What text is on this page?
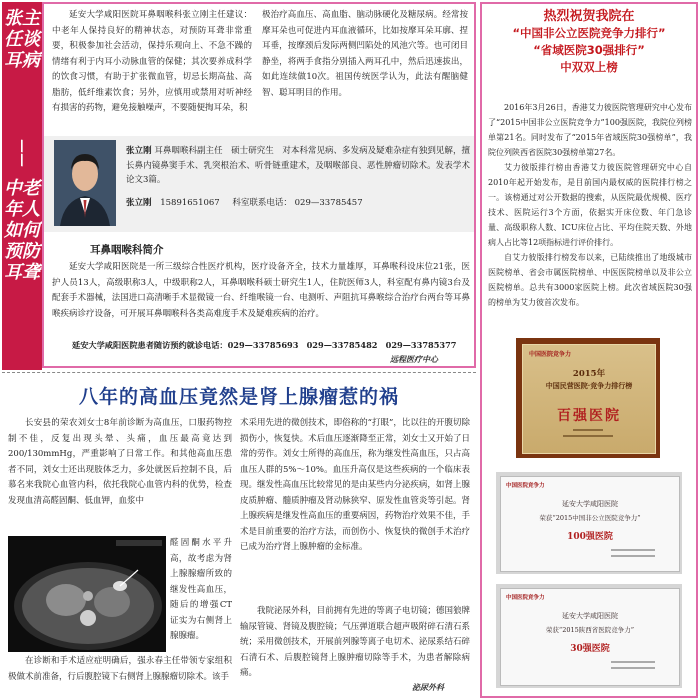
张主任谈耳病
——
中老年人如何预防耳聋

延安大学咸阳医院耳鼻咽喉科张立刚主任建议：中老年人保持良好的精神状态，对预防耳聋非常重要，积极参加社会活动，保持乐观向上、不急不躁的情绪有利于内耳小动脉血管的保健；其次要养成科学的饮食习惯，有助于扩张微血管，切忌长期高盐、高脂肪，低纤维素饮食；另外，应慎用或禁用对听神经有损害的药物，避免接触噪声，不要随便掏耳朵，积

极治疗高血压、高血脂、脑动脉硬化及糖尿病。经常按摩耳朵也可促进内耳血液循环，比如按摩耳朵耳廓、捏耳垂，按摩颈后发际两侧凹陷处的风池穴等。也可闭目静坐，将两手食指分别插入两耳孔中，然后迅速拔出，如此连续做10次。祖国传统医学认为，此法有醒脑健智、聪耳明目的作用。

张立刚 耳鼻咽喉科副主任　硕士研究生　对本科常见病、多发病及疑难杂症有独到见解，擅长鼻内镜鼻窦手术、乳突根治术、听骨链重建术，及咽喉部良、恶性肿瘤切除术。发表学术论文3篇。
张立刚 15891651067 科室联系电话： 029—33785457
耳鼻咽喉科简介

延安大学咸阳医院是一所三级综合性医疗机构，医疗设备齐全，技术力量雄厚，耳鼻喉科设床位21张，医护人员13人，高级职称3人，中级职称2人，耳鼻咽喉科硕士研究生1人，住院医师3人，科室配有鼻内镜3台及配套手术器械，法国进口高清晰手术显微镜一台、纤维喉镜一台、电测听、声阻抗耳鼻喉综合治疗台两台等耳鼻喉疾病诊疗设备，可开展耳鼻咽喉科各类高难度手术及疑难疾病的治疗。

延安大学咸阳医院患者随访预约就诊电话：029—33785693　029—33785482　029—33785377
远程医疗中心
热烈祝贺我院在
“中国非公立医院竞争力排行”
“省域医院30强排行”
中双双上榜

2016年3月26日，香港艾力彼医院管理研究中心发布了“2015中国非公立医院竞争力”100强医院，我院位列榜单第21名。同时发布了“2015年省域医院30强榜单”，我院位列陕西省医院30强榜单第27名。

艾力彼版排行榜由香港艾力彼医院管理研究中心自2010年起开始发布，是目前国内最权威的医院排行榜之一。该榜通过对公开数据的搜索，从医院最优规模、医疗技术、医院运行3个方面，依据实开床位数、年门急诊量、高级职称人数、ICU床位占比、平均住院天数、外地病人占比等12项指标进行评价排行。

自艾力彼版排行榜发布以来，已陆续推出了地级城市医院榜单、省会市属医院榜单、中医医院榜单以及非公立医院榜单。总共有3000家医院上榜。此次省域医院30强的榜单为艾力彼首次发布。

中国医院竞争力
2015年
中国民营医院·竞争力排行榜
百强医院
中国医院竞争力
延安大学咸阳医院
荣获“2015中国非公立医院竞争力”
100强医院
中国医院竞争力
延安大学咸阳医院
荣获“2015陕西省医院竞争力”
30强医院
八年的高血压竟然是肾上腺瘤惹的祸

长安县的荣农刘女士8年前诊断为高血压，口服药物控制不佳，反复出现头晕、头痛，血压最高竟达到200/130mmHg，严重影响了日常工作。和其他高血压患者不同，刘女士还出现肢体乏力，多处就医后控制不良，后慕名来我院心血管内科，依托我院心血管内科的优势，检查发现血清高醛固酮、低血钾，血浆中

醛固酮水平升高，故考虑为肾上腺腺瘤所致的继发性高血压，随后的增强CT证实为右侧肾上腺腺瘤。

在诊断和手术适应症明确后，强永春主任带领专家组积极做术前准备，行后腹腔镜下右侧肾上腺腺瘤切除术。该手

术采用先进的微创技术，即俗称的“打眼”，比以往的开腹切除损伤小，恢复快。术后血压逐渐降至正常，刘女士又开始了日常的劳作。刘女士所得的高血压，称为继发性高血压，只占高血压人群的5%～10%。血压升高仅是这些疾病的一个临床表现。继发性高血压比较常见的是由某些内分泌疾病，如肾上腺皮质肿瘤、髓质肿瘤及肾动脉狭窄、原发性血管炎等引起。肾上腺疾病是继发性高血压的重要病因，药物治疗效果不佳，手术是目前重要的治疗方法，而创伤小、恢复快的微创手术治疗已成为治疗肾上腺肿瘤的金标准。

我院泌尿外科，目前拥有先进的等离子电切镜；德国狼牌输尿管镜、肾镜及腹腔镜；气压弹道联合超声吸附碎石清石系统；采用微创技术，开展前列腺等离子电切术、泌尿系结石碎石清石术、后腹腔镜肾上腺肿瘤切除等手术，为患者解除病痛。

泌尿外科
